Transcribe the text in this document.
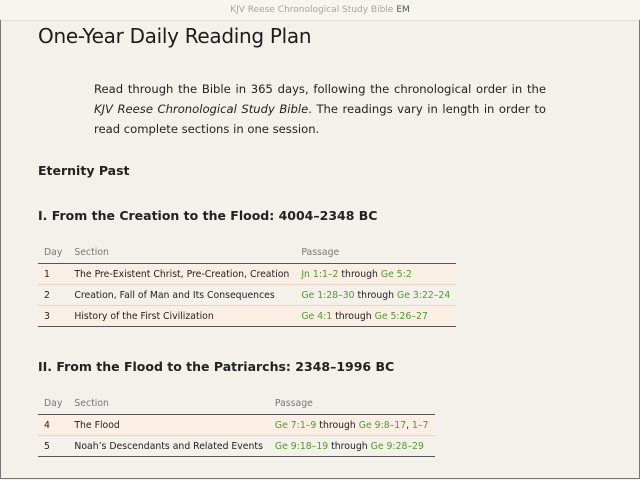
KJV Reese Chronological Study Bible EM
One-Year Daily Reading Plan

Read through the Bible in 365 days, following the chronological order in the KJV Reese Chronological Study Bible. The readings vary in length in order to read complete sections in one session.

Eternity Past
I. From the Creation to the Flood: 4004–2348 BC
Day	Section	Passage
1	The Pre-Existent Christ, Pre-Creation, Creation	Jn 1:1–2 through Ge 5:2
2	Creation, Fall of Man and Its Consequences	Ge 1:28–30 through Ge 3:22–24
3	History of the First Civilization	Ge 4:1 through Ge 5:26–27
II. From the Flood to the Patriarchs: 2348–1996 BC
Day	Section	Passage
4	The Flood	Ge 7:1–9 through Ge 9:8–17, 1–7
5	Noah’s Descendants and Related Events	Ge 9:18–19 through Ge 9:28–29
